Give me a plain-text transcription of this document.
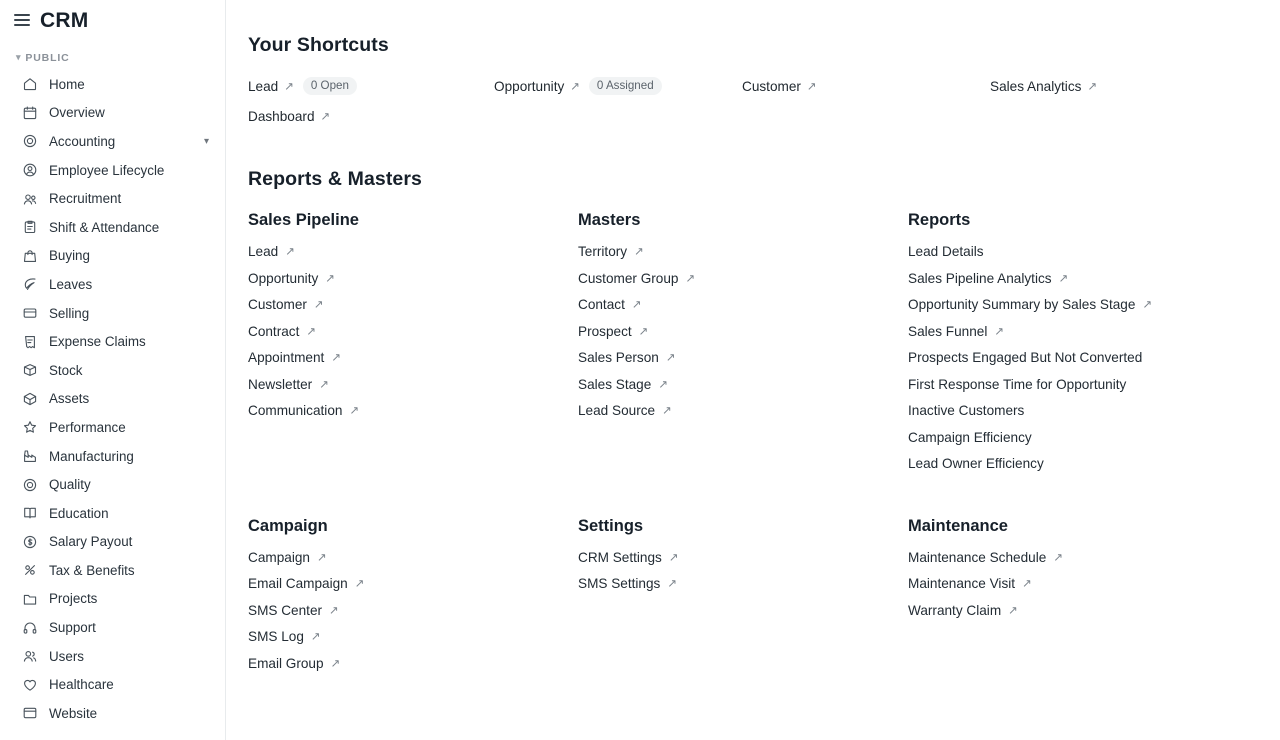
CRM
▾ PUBLIC
Home
Overview
Accounting	▾
Employee Lifecycle
Recruitment
Shift & Attendance
Buying
Leaves
Selling
Expense Claims
Stock
Assets
Performance
Manufacturing
Quality
Education
Salary Payout
Tax & Benefits
Projects
Support
Users
Healthcare
Website
Your Shortcuts
Lead ↗	0 Open	Opportunity ↗	0 Assigned	Customer ↗	Sales Analytics ↗
Dashboard ↗
Reports & Masters
Sales Pipeline
Lead ↗
Opportunity ↗
Customer ↗
Contract ↗
Appointment ↗
Newsletter ↗
Communication ↗
Masters
Territory ↗
Customer Group ↗
Contact ↗
Prospect ↗
Sales Person ↗
Sales Stage ↗
Lead Source ↗
Reports
Lead Details
Sales Pipeline Analytics ↗
Opportunity Summary by Sales Stage ↗
Sales Funnel ↗
Prospects Engaged But Not Converted
First Response Time for Opportunity
Inactive Customers
Campaign Efficiency
Lead Owner Efficiency
Campaign
Campaign ↗
Email Campaign ↗
SMS Center ↗
SMS Log ↗
Email Group ↗
Settings
CRM Settings ↗
SMS Settings ↗
Maintenance
Maintenance Schedule ↗
Maintenance Visit ↗
Warranty Claim ↗
